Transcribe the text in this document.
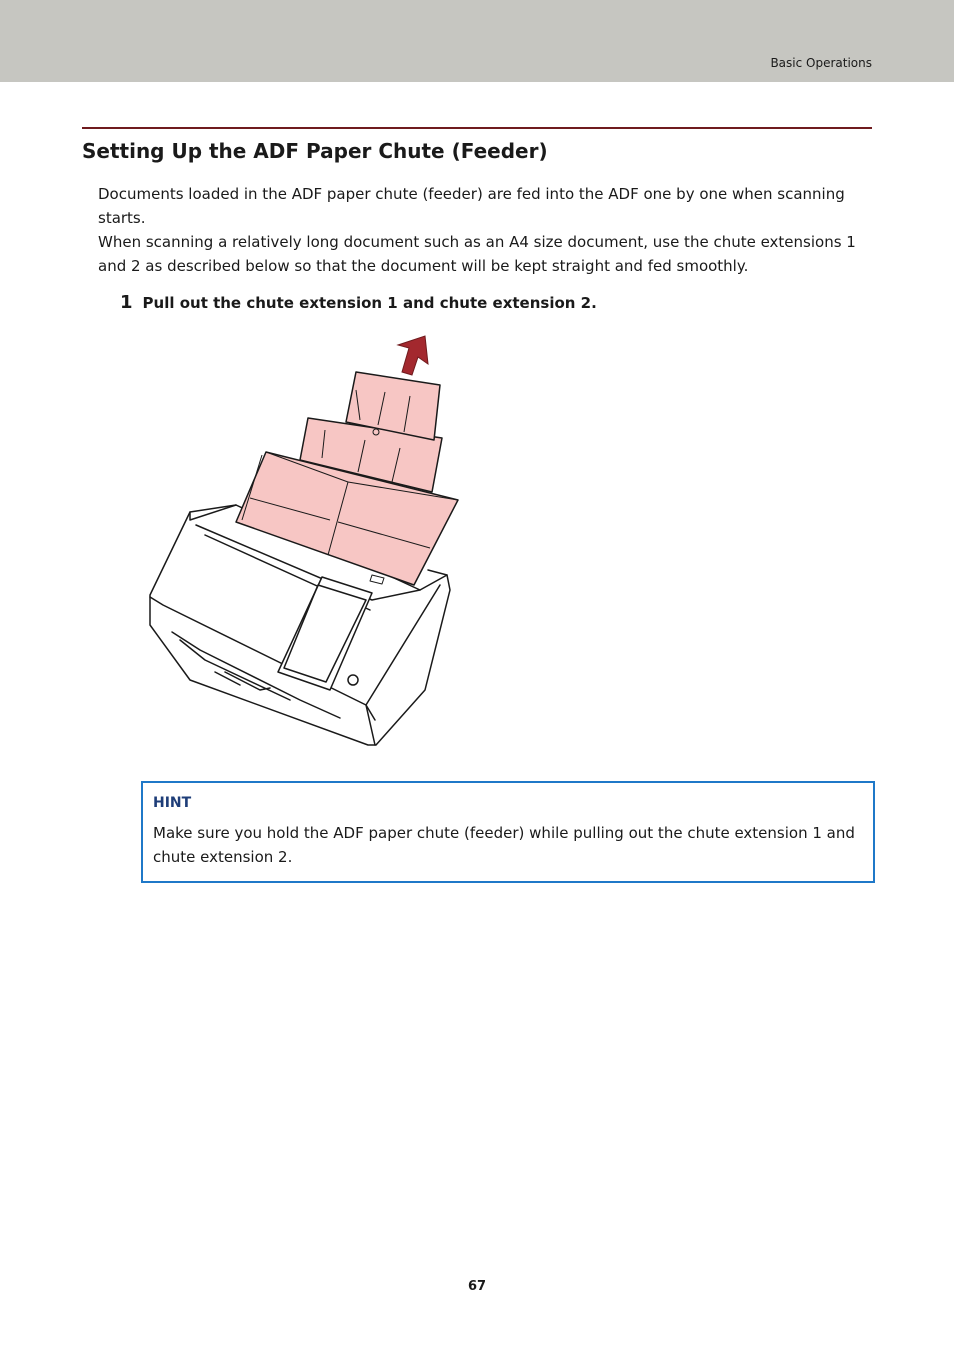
Basic Operations
Setting Up the ADF Paper Chute (Feeder)

Documents loaded in the ADF paper chute (feeder) are fed into the ADF one by one when scanning starts.

When scanning a relatively long document such as an A4 size document, use the chute extensions 1 and 2 as described below so that the document will be kept straight and fed smoothly.

1 Pull out the chute extension 1 and chute extension 2.
HINT
Make sure you hold the ADF paper chute (feeder) while pulling out the chute extension 1 and chute extension 2.
67
